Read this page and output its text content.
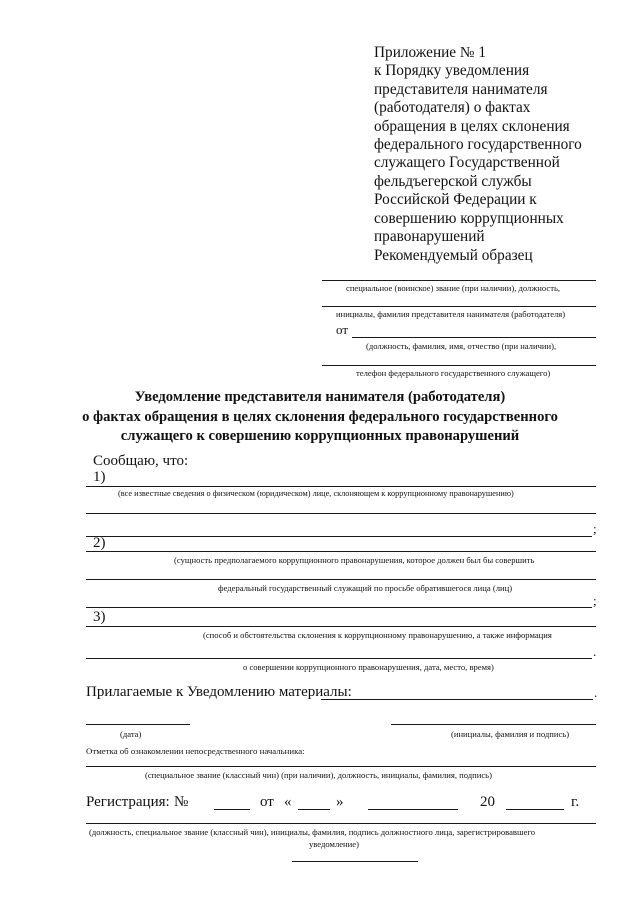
Приложение № 1
к Порядку уведомления
представителя нанимателя
(работодателя) о фактах
обращения в целях склонения
федерального государственного
служащего Государственной
фельдъегерской службы
Российской Федерации к
совершению коррупционных
правонарушений
Рекомендуемый образец
специальное (воинское) звание (при наличии), должность,
инициалы, фамилия представителя нанимателя (работодателя)
от
(должность, фамилия, имя, отчество (при наличии),
телефон федерального государственного служащего)
Уведомление представителя нанимателя (работодателя)
о фактах обращения в целях склонения федерального государственного
служащего к совершению коррупционных правонарушений
Сообщаю, что:
1)
(все известные сведения о физическом (юридическом) лице, склоняющем к коррупционному правонарушению)
;
2)
(сущность предполагаемого коррупционного правонарушения, которое должен был бы совершить
федеральный государственный служащий по просьбе обратившегося лица (лиц)
;
3)
(способ и обстоятельства склонения к коррупционному правонарушению, а также информация
.
о совершении коррупционного правонарушения, дата, место, время)
Прилагаемые к Уведомлению материалы:	.
(дата)	(инициалы, фамилия и подпись)
Отметка об ознакомлении непосредственного начальника:
(специальное звание (классный чин) (при наличии), должность, инициалы, фамилия, подпись)
Регистрация: №	от «	»	20	г.
(должность, специальное звание (классный чин), инициалы, фамилия, подпись должностного лица, зарегистрировавшего
уведомление)
